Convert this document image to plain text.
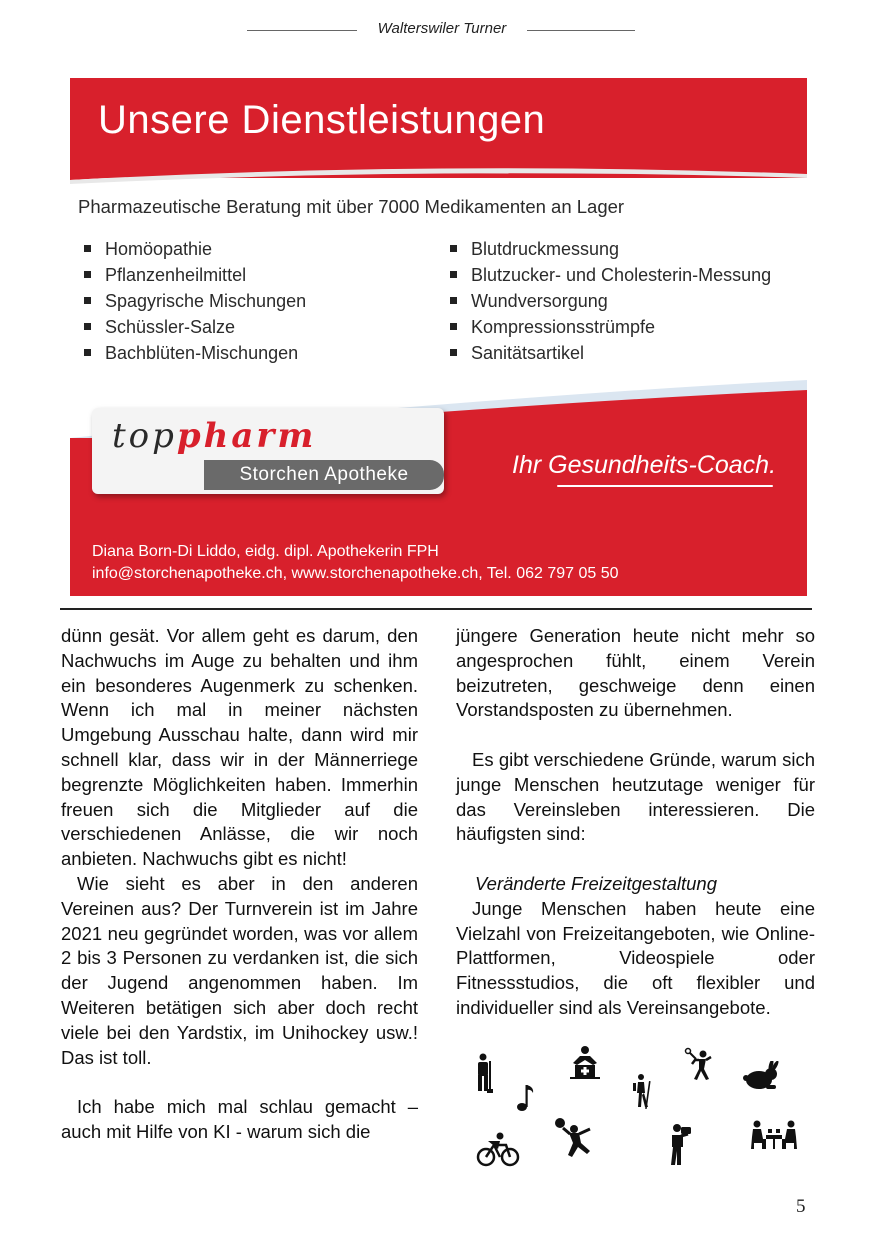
Walterswiler Turner
Unsere Dienstleistungen
Pharmazeutische Beratung mit über 7000 Medikamenten an Lager
Homöopathie
Pflanzenheilmittel
Spagyrische Mischungen
Schüssler-Salze
Bachblüten-Mischungen
Blutdruckmessung
Blutzucker- und Cholesterin-Messung
Wundversorgung
Kompressionsstrümpfe
Sanitätsartikel
toppharm
Storchen Apotheke	Ihr Gesundheits-Coach.
Diana Born-Di Liddo, eidg. dipl. Apothekerin FPH
info@storchenapotheke.ch, www.storchenapotheke.ch, Tel. 062 797 05 50

dünn gesät. Vor allem geht es darum, den Nachwuchs im Auge zu behalten und ihm ein besonderes Augenmerk zu schenken. Wenn ich mal in meiner nächsten Umgebung Ausschau halte, dann wird mir schnell klar, dass wir in der Männerriege begrenzte Möglichkeiten haben. Immerhin freuen sich die Mitglieder auf die verschiedenen Anlässe, die wir noch anbieten. Nachwuchs gibt es nicht!

Wie sieht es aber in den anderen Vereinen aus? Der Turnverein ist im Jahre 2021 neu gegründet worden, was vor allem 2 bis 3 Personen zu verdanken ist, die sich der Jugend angenommen haben. Im Weiteren betätigen sich aber doch recht viele bei den Yardstix, im Unihockey usw.! Das ist toll.

Ich habe mich mal schlau gemacht – auch mit Hilfe von KI - warum sich die

jüngere Generation heute nicht mehr so angesprochen fühlt, einem Verein beizutreten, geschweige denn einen Vorstandsposten zu übernehmen.

Es gibt verschiedene Gründe, warum sich junge Menschen heutzutage weniger für das Vereinsleben interessieren. Die häufigsten sind:

Veränderte Freizeitgestaltung

Junge Menschen haben heute eine Vielzahl von Freizeitangeboten, wie Online-Plattformen, Videospiele oder Fitnessstudios, die oft flexibler und individueller sind als Vereinsangebote.

5
